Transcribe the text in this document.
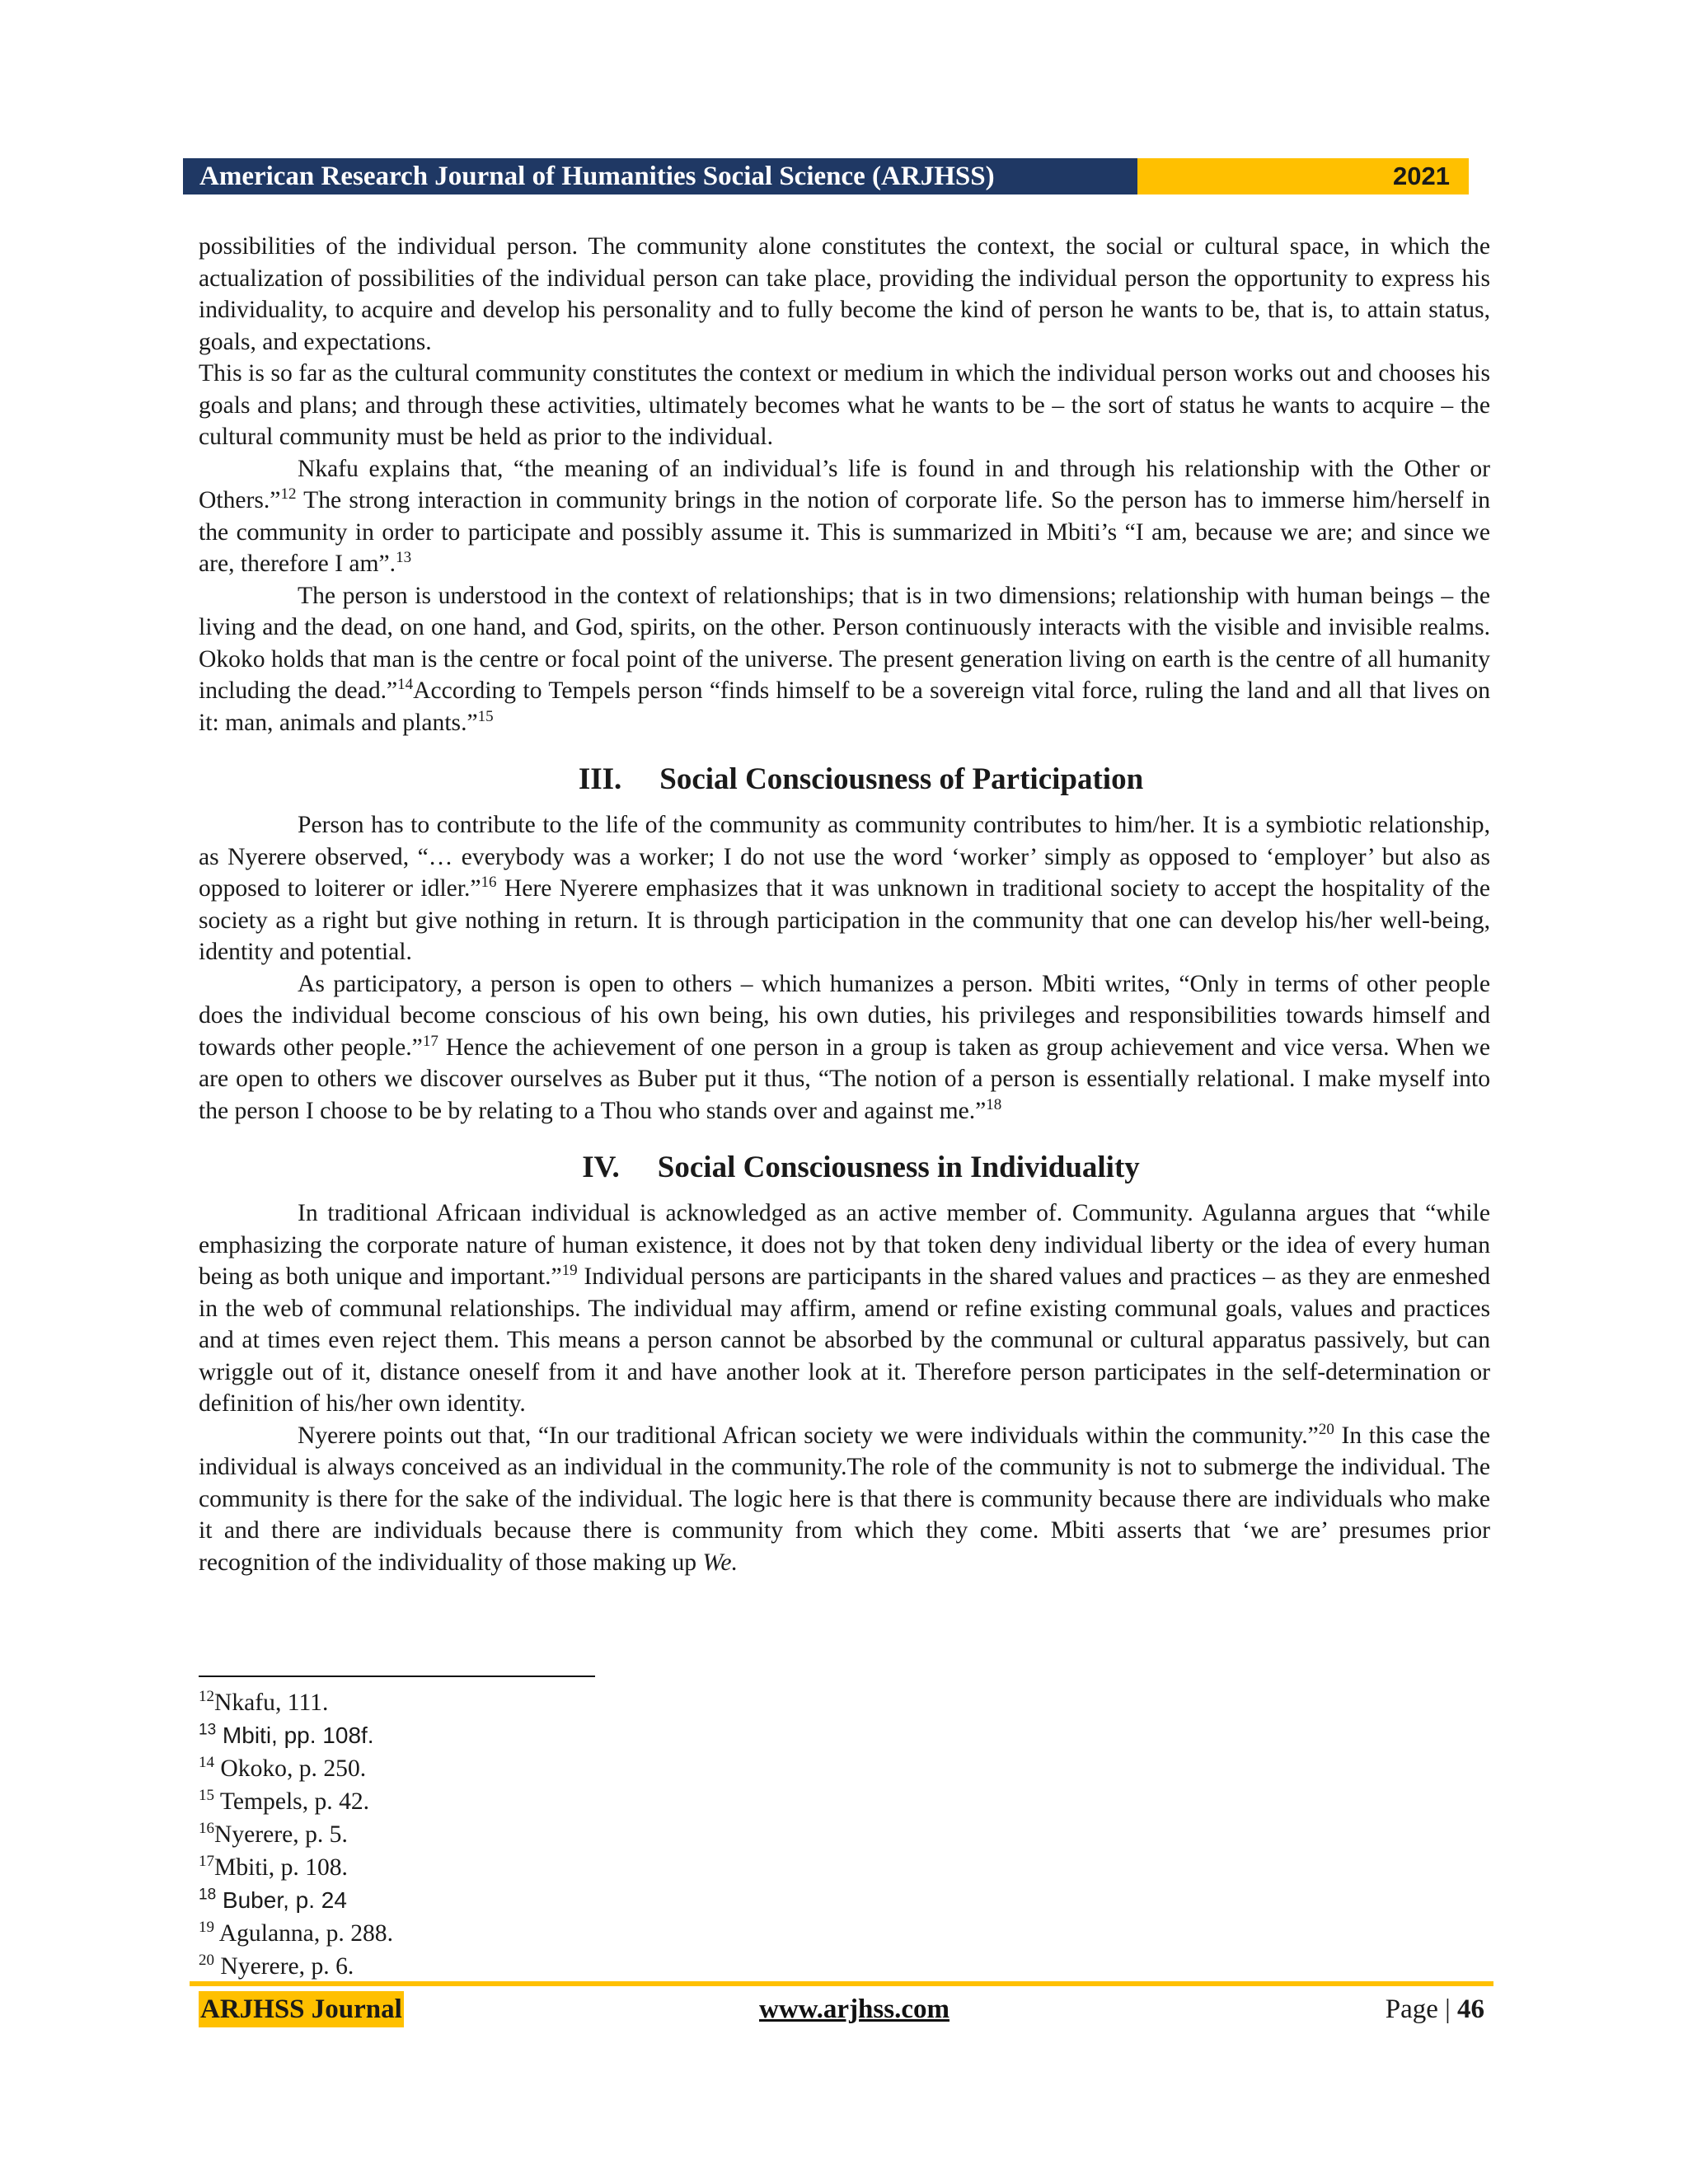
American Research Journal of Humanities Social Science (ARJHSS)	2021

possibilities of the individual person. The community alone constitutes the context, the social or cultural space, in which the actualization of possibilities of the individual person can take place, providing the individual person the opportunity to express his individuality, to acquire and develop his personality and to fully become the kind of person he wants to be, that is, to attain status, goals, and expectations.

This is so far as the cultural community constitutes the context or medium in which the individual person works out and chooses his goals and plans; and through these activities, ultimately becomes what he wants to be – the sort of status he wants to acquire – the cultural community must be held as prior to the individual.

Nkafu explains that, “the meaning of an individual’s life is found in and through his relationship with the Other or Others.”$^{12}$ The strong interaction in community brings in the notion of corporate life. So the person has to immerse him/herself in the community in order to participate and possibly assume it. This is summarized in Mbiti’s “I am, because we are; and since we are, therefore I am”.$^{13}$

The person is understood in the context of relationships; that is in two dimensions; relationship with human beings – the living and the dead, on one hand, and God, spirits, on the other. Person continuously interacts with the visible and invisible realms. Okoko holds that man is the centre or focal point of the universe. The present generation living on earth is the centre of all humanity including the dead.”$^{14}$According to Tempels person “finds himself to be a sovereign vital force, ruling the land and all that lives on it: man, animals and plants.”$^{15}$

III. Social Consciousness of Participation

Person has to contribute to the life of the community as community contributes to him/her. It is a symbiotic relationship, as Nyerere observed, “… everybody was a worker; I do not use the word ‘worker’ simply as opposed to ‘employer’ but also as opposed to loiterer or idler.”$^{16}$ Here Nyerere emphasizes that it was unknown in traditional society to accept the hospitality of the society as a right but give nothing in return. It is through participation in the community that one can develop his/her well-being, identity and potential.

As participatory, a person is open to others – which humanizes a person. Mbiti writes, “Only in terms of other people does the individual become conscious of his own being, his own duties, his privileges and responsibilities towards himself and towards other people.”$^{17}$ Hence the achievement of one person in a group is taken as group achievement and vice versa. When we are open to others we discover ourselves as Buber put it thus, “The notion of a person is essentially relational. I make myself into the person I choose to be by relating to a Thou who stands over and against me.”$^{18}$

IV. Social Consciousness in Individuality

In traditional Africaan individual is acknowledged as an active member of. Community. Agulanna argues that “while emphasizing the corporate nature of human existence, it does not by that token deny individual liberty or the idea of every human being as both unique and important.”$^{19}$ Individual persons are participants in the shared values and practices – as they are enmeshed in the web of communal relationships. The individual may affirm, amend or refine existing communal goals, values and practices and at times even reject them. This means a person cannot be absorbed by the communal or cultural apparatus passively, but can wriggle out of it, distance oneself from it and have another look at it. Therefore person participates in the self-determination or definition of his/her own identity.

Nyerere points out that, “In our traditional African society we were individuals within the community.”$^{20}$ In this case the individual is always conceived as an individual in the community.The role of the community is not to submerge the individual. The community is there for the sake of the individual. The logic here is that there is community because there are individuals who make it and there are individuals because there is community from which they come. Mbiti asserts that ‘we are’ presumes prior recognition of the individuality of those making up We.

$^{12}$Nkafu, 111.
$^{13}$ Mbiti, pp. 108f.
$^{14}$ Okoko, p. 250.
$^{15}$ Tempels, p. 42.
$^{16}$Nyerere, p. 5.
$^{17}$Mbiti, p. 108.
$^{18}$ Buber, p. 24
$^{19}$ Agulanna, p. 288.
$^{20}$ Nyerere, p. 6.
ARJHSS Journal	www.arjhss.com	Page | 46
